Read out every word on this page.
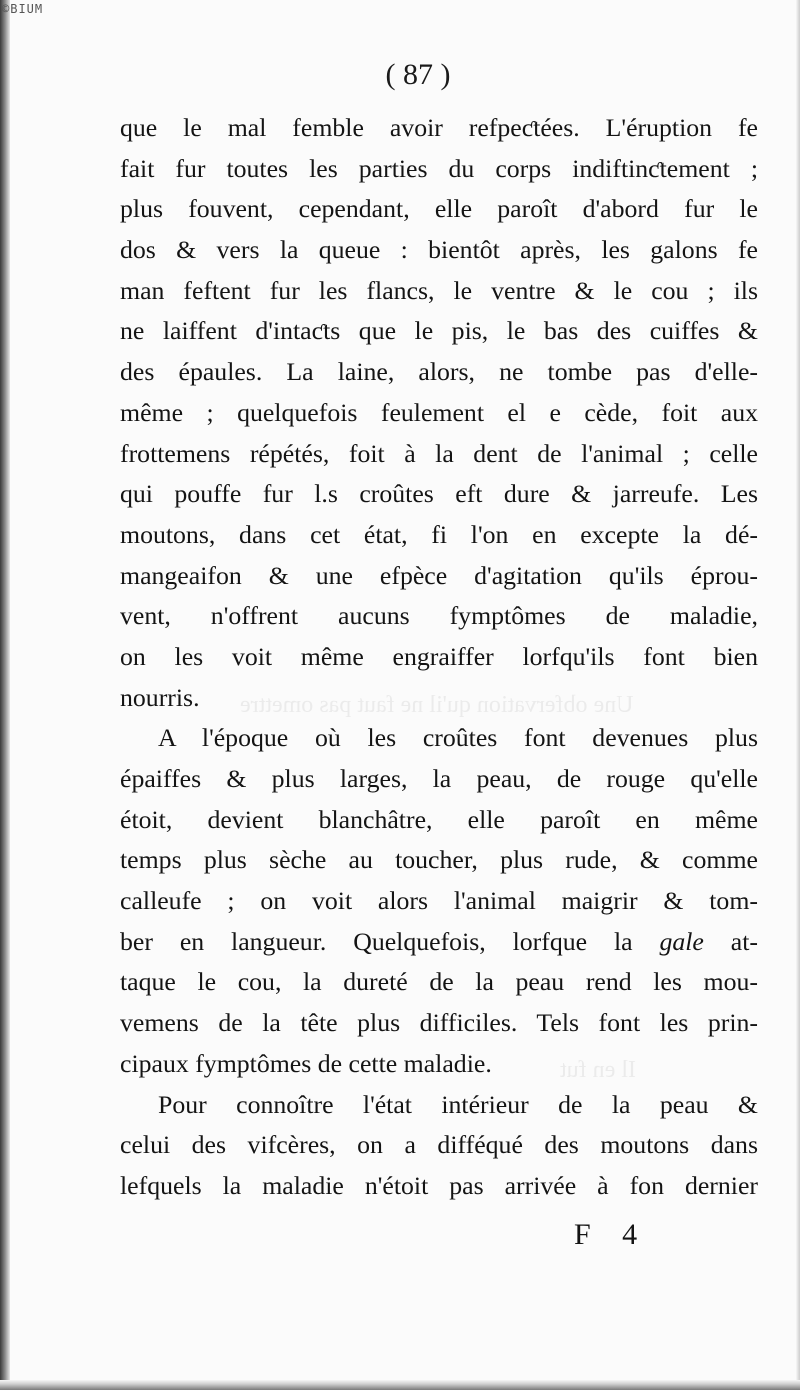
©BIUM
Une obfervation qu'il ne faut pas omettre
Il en fut
( 87 )
que le mal femble avoir refpeƈtées. L'éruption fe
fait fur toutes les parties du corps indiftinƈtement ;
plus fouvent, cependant, elle paroît d'abord fur le
dos & vers la queue : bientôt après, les galons fe
man feftent fur les flancs, le ventre & le cou ; ils
ne laiffent d'intaƈts que le pis, le bas des cuiffes &
des épaules. La laine, alors, ne tombe pas d'elle-
même ; quelquefois feulement el e cède, foit aux
frottemens répétés, foit à la dent de l'animal ; celle
qui pouffe fur l.s croûtes eft dure & jarreufe. Les
moutons, dans cet état, fi l'on en excepte la dé-
mangeaifon & une efpèce d'agitation qu'ils éprou-
vent, n'offrent aucuns fymptômes de maladie,
on les voit même engraiffer lorfqu'ils font bien
nourris.
A l'époque où les croûtes font devenues plus
épaiffes & plus larges, la peau, de rouge qu'elle
étoit, devient blanchâtre, elle paroît en même
temps plus sèche au toucher, plus rude, & comme
calleufe ; on voit alors l'animal maigrir & tom-
ber en langueur. Quelquefois, lorfque la gale at-
taque le cou, la dureté de la peau rend les mou-
vemens de la tête plus difficiles. Tels font les prin-
cipaux fymptômes de cette maladie.
Pour connoître l'état intérieur de la peau &
celui des vifcères, on a difféqué des moutons dans
lefquels la maladie n'étoit pas arrivée à fon dernier
F 4
